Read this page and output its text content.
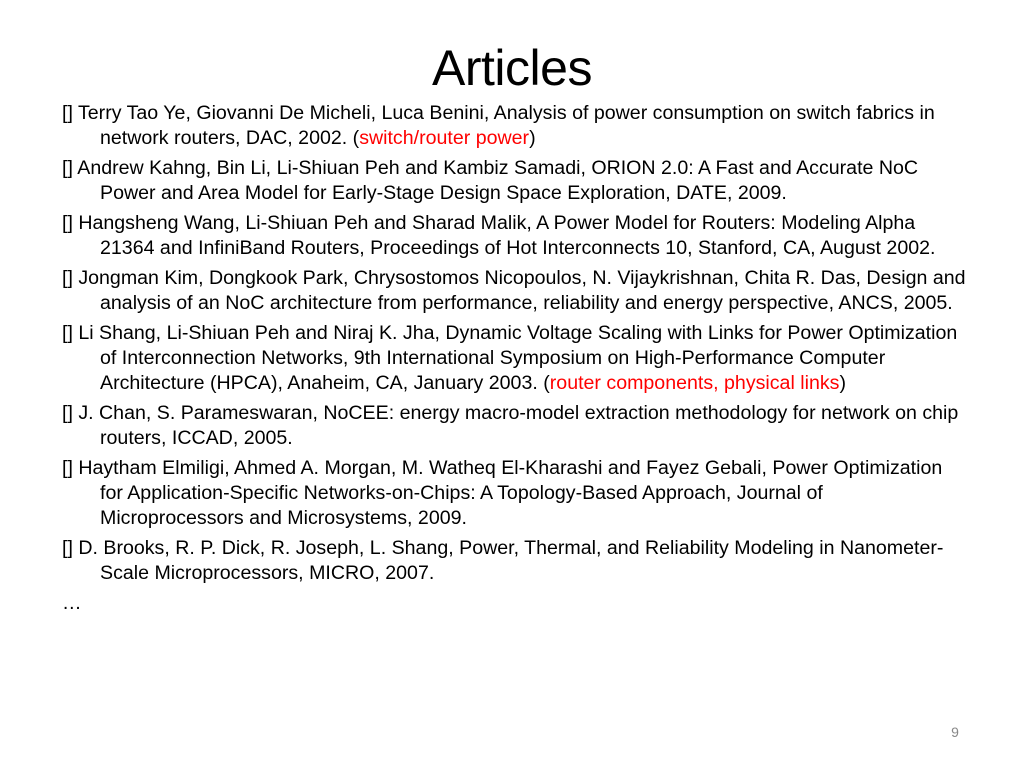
Articles
[] Terry Tao Ye, Giovanni De Micheli, Luca Benini, Analysis of power consumption on switch fabrics in network routers, DAC, 2002. (switch/router power)
[] Andrew Kahng, Bin Li, Li-Shiuan Peh and Kambiz Samadi, ORION 2.0: A Fast and Accurate NoC Power and Area Model for Early-Stage Design Space Exploration, DATE, 2009.
[] Hangsheng Wang, Li-Shiuan Peh and Sharad Malik, A Power Model for Routers: Modeling Alpha 21364 and InfiniBand Routers, Proceedings of Hot Interconnects 10, Stanford, CA, August 2002.
[] Jongman Kim, Dongkook Park, Chrysostomos Nicopoulos, N. Vijaykrishnan, Chita R. Das, Design and analysis of an NoC architecture from performance, reliability and energy perspective, ANCS, 2005.
[] Li Shang, Li-Shiuan Peh and Niraj K. Jha, Dynamic Voltage Scaling with Links for Power Optimization of Interconnection Networks, 9th International Symposium on High-Performance Computer Architecture (HPCA), Anaheim, CA, January 2003. (router components, physical links)
[] J. Chan, S. Parameswaran, NoCEE: energy macro-model extraction methodology for network on chip routers, ICCAD, 2005.
[] Haytham Elmiligi, Ahmed A. Morgan, M. Watheq El-Kharashi and Fayez Gebali, Power Optimization for Application-Specific Networks-on-Chips: A Topology-Based Approach, Journal of Microprocessors and Microsystems, 2009.
[] D. Brooks, R. P. Dick, R. Joseph, L. Shang, Power, Thermal, and Reliability Modeling in Nanometer-Scale Microprocessors, MICRO, 2007.
…
9
